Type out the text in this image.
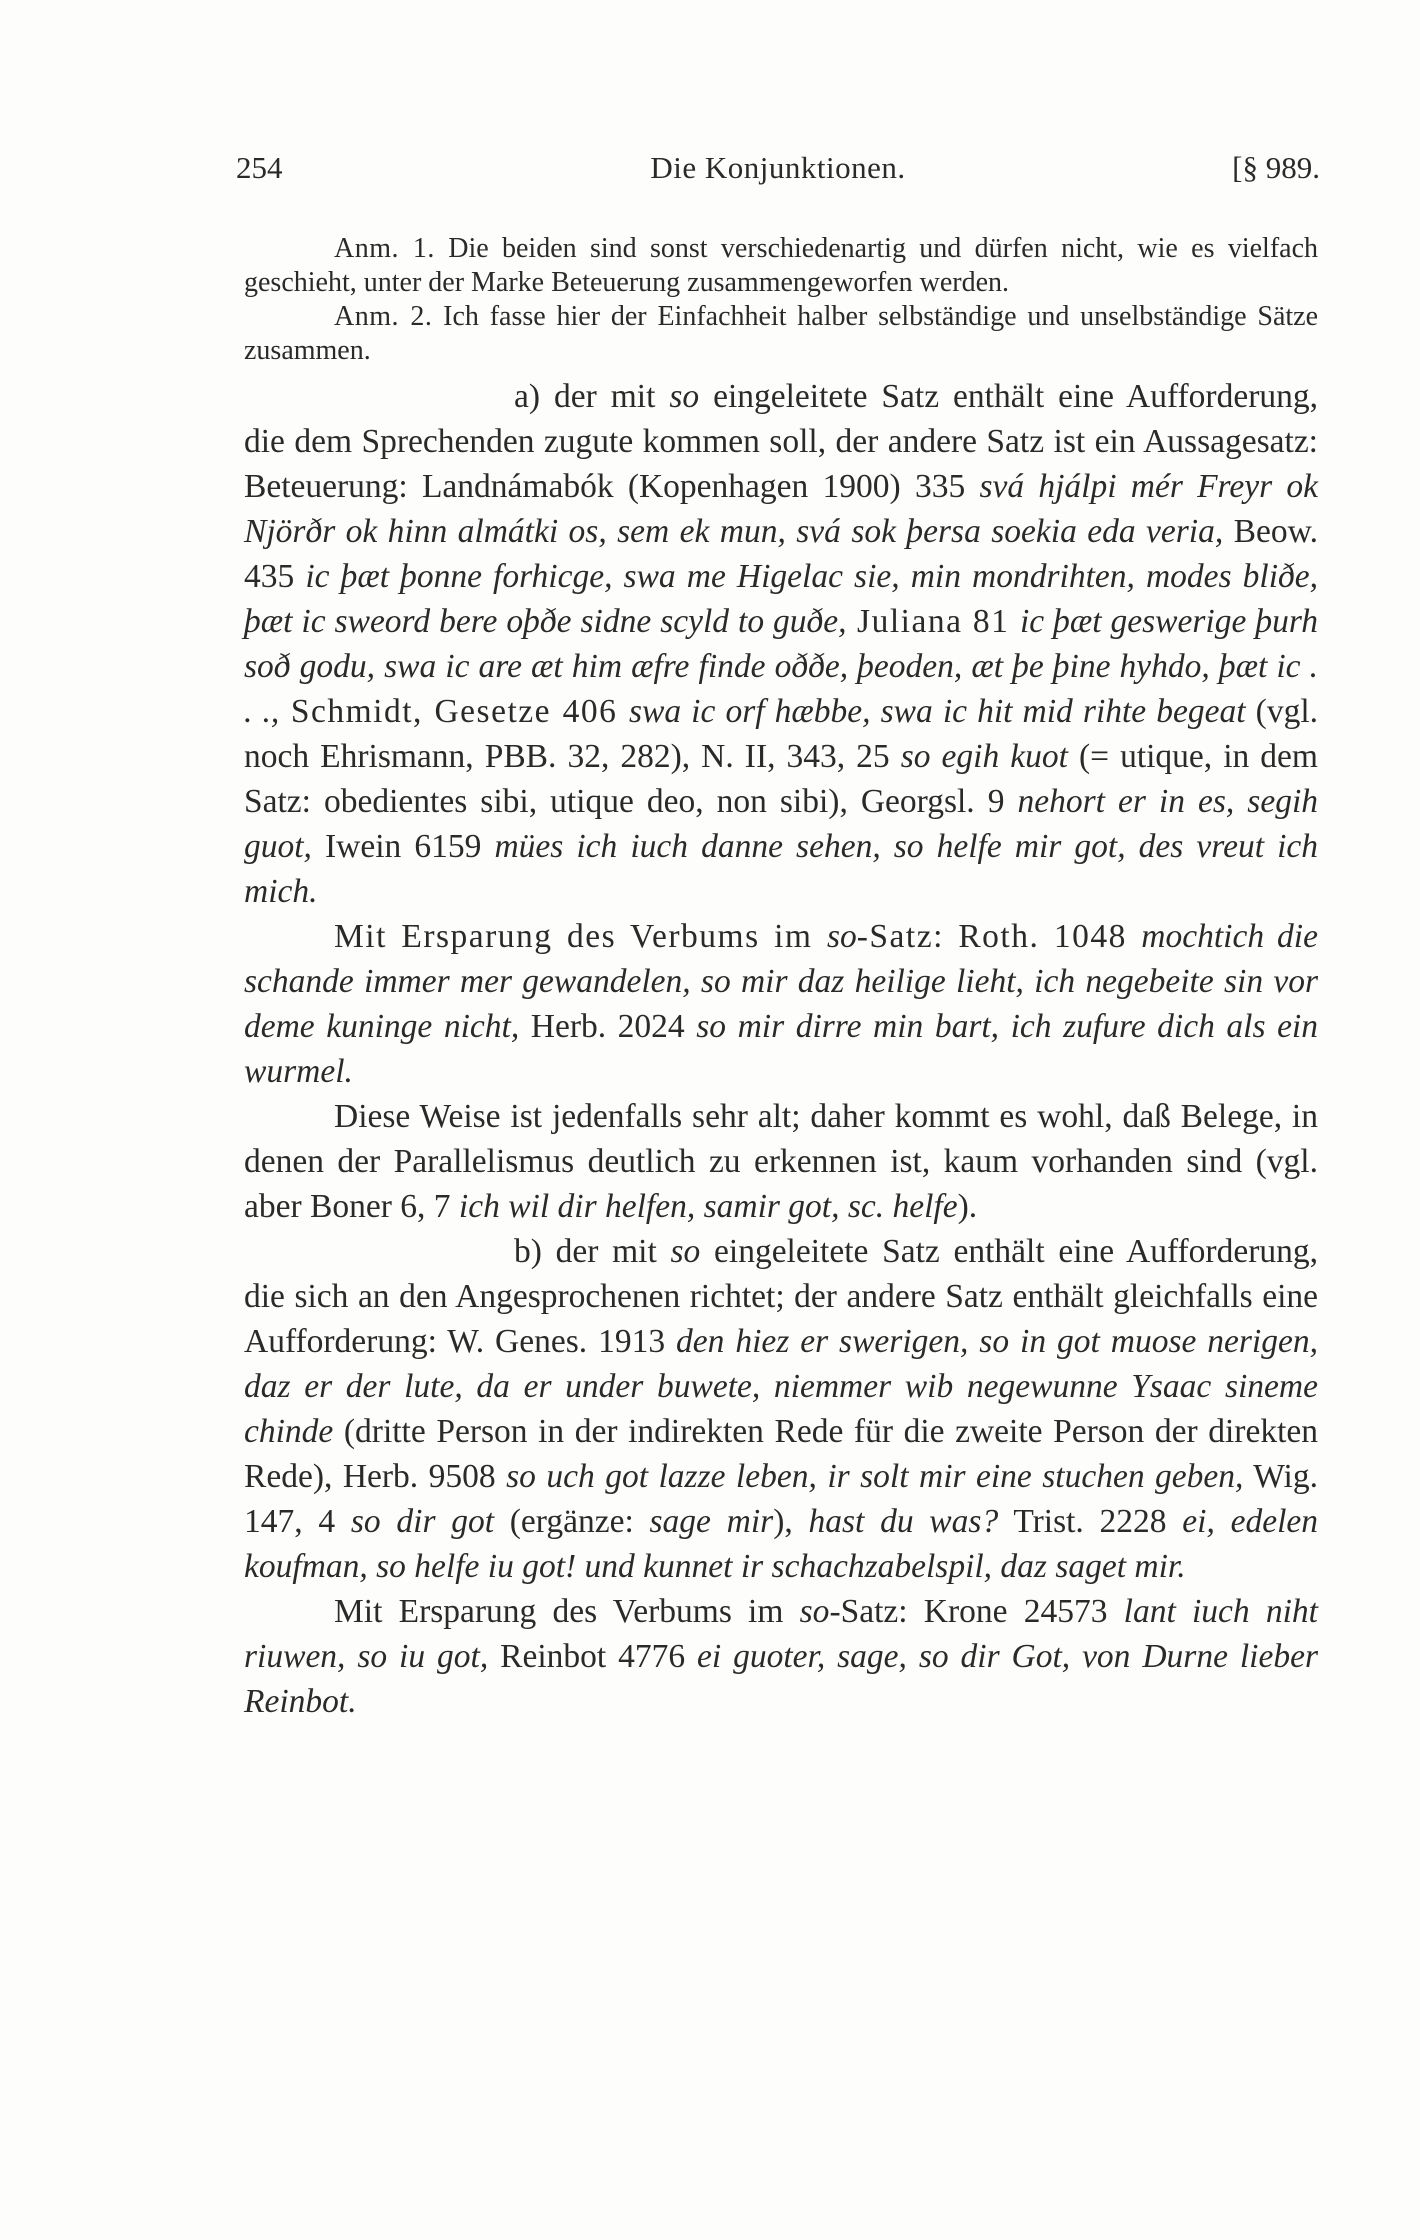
254	Die Konjunktionen.	[§ 989.

Anm. 1. Die beiden sind sonst verschiedenartig und dürfen nicht, wie es vielfach geschieht, unter der Marke Beteuerung zusammengeworfen werden.

Anm. 2. Ich fasse hier der Einfachheit halber selbständige und unselbständige Sätze zusammen.

a) der mit so eingeleitete Satz enthält eine Aufforderung, die dem Sprechenden zugute kommen soll, der andere Satz ist ein Aussagesatz: Beteuerung: Landnámabók (Kopenhagen 1900) 335 svá hjálpi mér Freyr ok Njörðr ok hinn almátki os, sem ek mun, svá sok þersa soekia eda veria, Beow. 435 ic þæt þonne forhicge, swa me Higelac sie, min mondrihten, modes bliðe, þæt ic sweord bere oþðe sidne scyld to guðe, Juliana 81 ic þæt geswerige þurh soð godu, swa ic are æt him æfre finde oððe, þeoden, æt þe þine hyhdo, þæt ic . . ., Schmidt, Gesetze 406 swa ic orf hæbbe, swa ic hit mid rihte begeat (vgl. noch Ehrismann, PBB. 32, 282), N. II, 343, 25 so egih kuot (= utique, in dem Satz: obedientes sibi, utique deo, non sibi), Georgsl. 9 nehort er in es, segih guot, Iwein 6159 mües ich iuch danne sehen, so helfe mir got, des vreut ich mich.

Mit Ersparung des Verbums im so-Satz: Roth. 1048 mochtich die schande immer mer gewandelen, so mir daz heilige lieht, ich negebeite sin vor deme kuninge nicht, Herb. 2024 so mir dirre min bart, ich zufure dich als ein wurmel.

Diese Weise ist jedenfalls sehr alt; daher kommt es wohl, daß Belege, in denen der Parallelismus deutlich zu erkennen ist, kaum vorhanden sind (vgl. aber Boner 6, 7 ich wil dir helfen, samir got, sc. helfe).

b) der mit so eingeleitete Satz enthält eine Aufforderung, die sich an den Angesprochenen richtet; der andere Satz enthält gleichfalls eine Aufforderung: W. Genes. 1913 den hiez er swerigen, so in got muose nerigen, daz er der lute, da er under buwete, niemmer wib negewunne Ysaac sineme chinde (dritte Person in der indirekten Rede für die zweite Person der direkten Rede), Herb. 9508 so uch got lazze leben, ir solt mir eine stuchen geben, Wig. 147, 4 so dir got (ergänze: sage mir), hast du was? Trist. 2228 ei, edelen koufman, so helfe iu got! und kunnet ir schachzabelspil, daz saget mir.

Mit Ersparung des Verbums im so-Satz: Krone 24573 lant iuch niht riuwen, so iu got, Reinbot 4776 ei guoter, sage, so dir Got, von Durne lieber Reinbot.
